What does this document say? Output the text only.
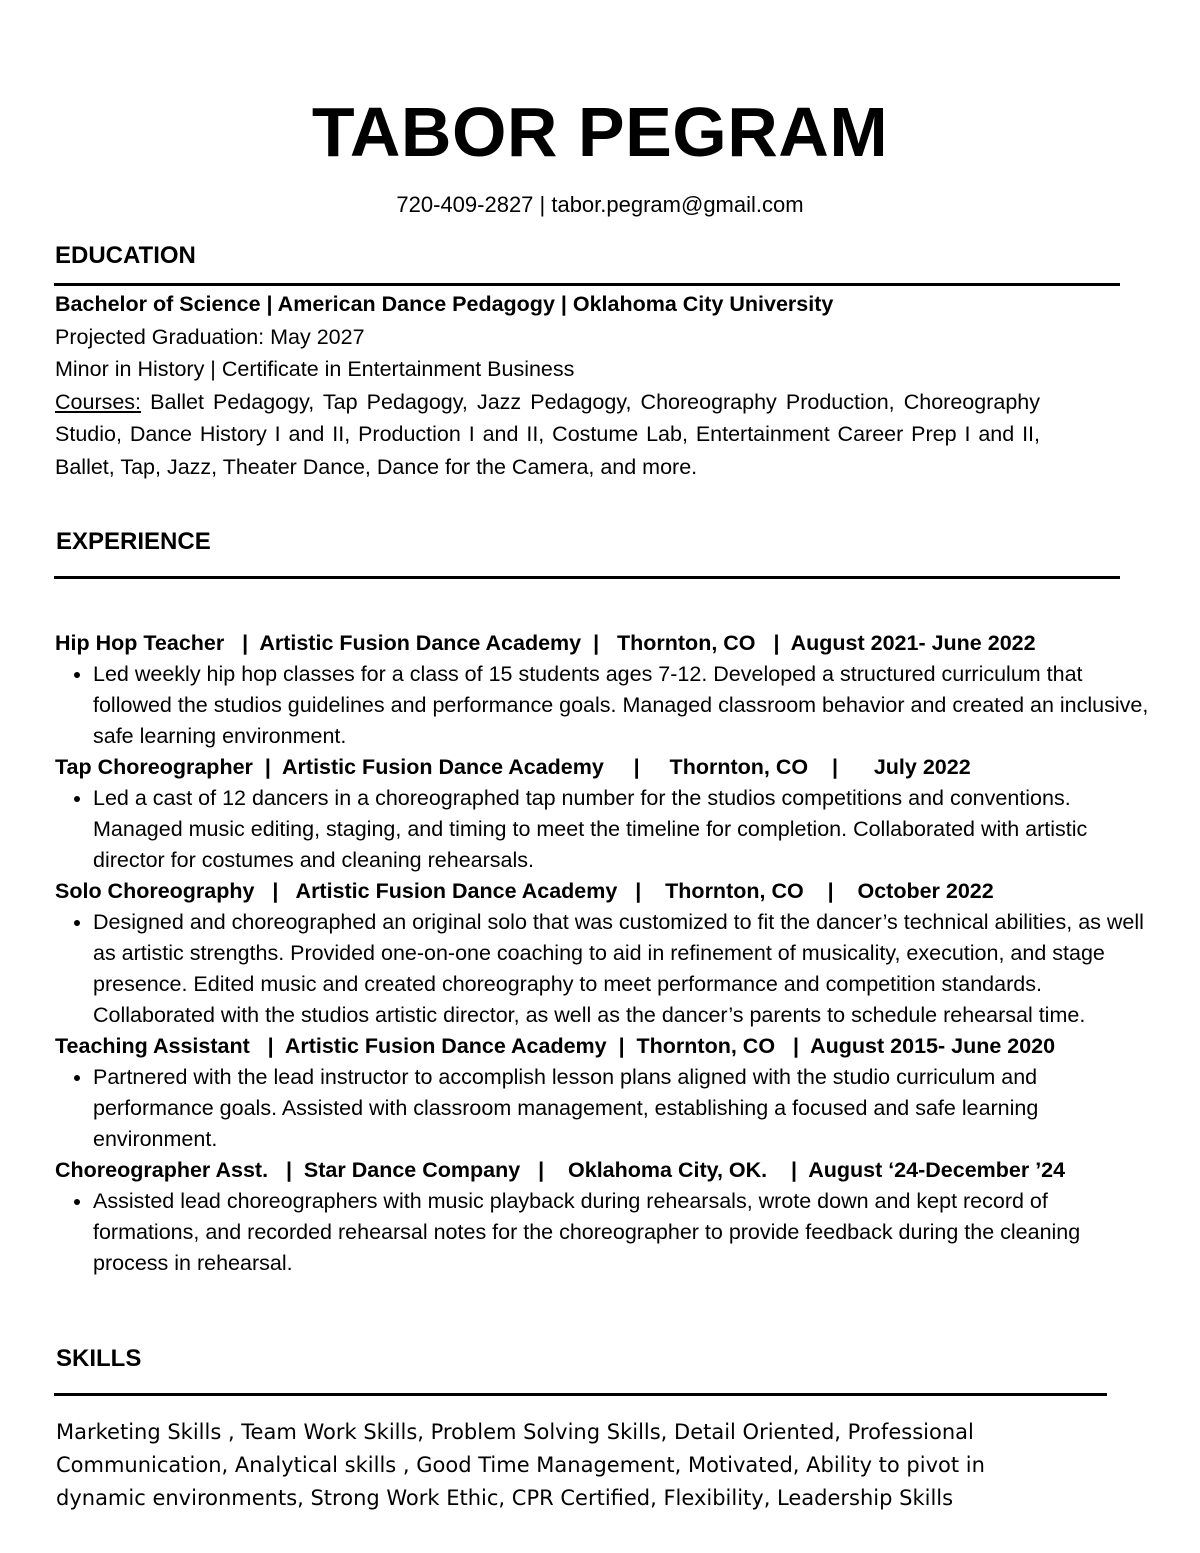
TABOR PEGRAM
720-409-2827 | tabor.pegram@gmail.com
EDUCATION
Bachelor of Science | American Dance Pedagogy | Oklahoma City University
Projected Graduation: May 2027
Minor in History | Certificate in Entertainment Business
Courses: Ballet Pedagogy, Tap Pedagogy, Jazz Pedagogy, Choreography Production, Choreography Studio, Dance History I and II, Production I and II, Costume Lab, Entertainment Career Prep I and II, Ballet, Tap, Jazz, Theater Dance, Dance for the Camera, and more.
EXPERIENCE
Hip Hop Teacher   |  Artistic Fusion Dance Academy  |   Thornton, CO   |  August 2021- June 2022
• Led weekly hip hop classes for a class of 15 students ages 7-12. Developed a structured curriculum that followed the studios guidelines and performance goals. Managed classroom behavior and created an inclusive, safe learning environment.
Tap Choreographer  |  Artistic Fusion Dance Academy     |     Thornton, CO    |      July 2022
• Led a cast of 12 dancers in a choreographed tap number for the studios competitions and conventions. Managed music editing, staging, and timing to meet the timeline for completion. Collaborated with artistic director for costumes and cleaning rehearsals.
Solo Choreography   |   Artistic Fusion Dance Academy   |    Thornton, CO    |    October 2022
• Designed and choreographed an original solo that was customized to fit the dancer’s technical abilities, as well as artistic strengths. Provided one-on-one coaching to aid in refinement of musicality, execution, and stage presence. Edited music and created choreography to meet performance and competition standards. Collaborated with the studios artistic director, as well as the dancer’s parents to schedule rehearsal time.
Teaching Assistant   |  Artistic Fusion Dance Academy  |  Thornton, CO   |  August 2015- June 2020
• Partnered with the lead instructor to accomplish lesson plans aligned with the studio curriculum and performance goals. Assisted with classroom management, establishing a focused and safe learning environment.
Choreographer Asst.   |  Star Dance Company   |    Oklahoma City, OK.    |  August ‘24-December ’24
• Assisted lead choreographers with music playback during rehearsals, wrote down and kept record of formations, and recorded rehearsal notes for the choreographer to provide feedback during the cleaning process in rehearsal.
SKILLS
Marketing Skills , Team Work Skills, Problem Solving Skills, Detail Oriented, Professional Communication, Analytical skills , Good Time Management, Motivated, Ability to pivot in dynamic environments, Strong Work Ethic, CPR Certified, Flexibility, Leadership Skills
